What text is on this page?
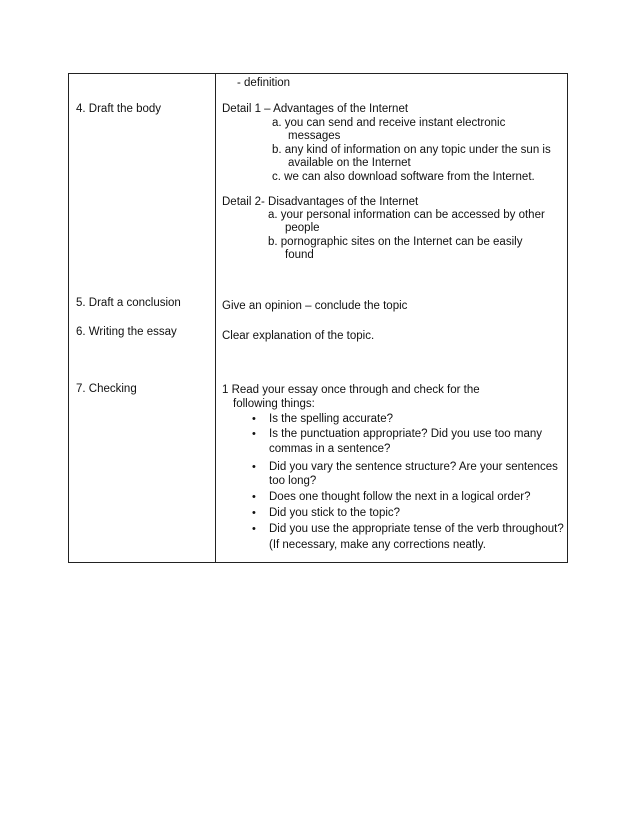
4. Draft the body
5. Draft a conclusion
6. Writing the essay
7. Checking
- definition
Detail 1 – Advantages of the Internet
a. you can send and receive instant electronic
messages
b. any kind of information on any topic under the sun is
available on the Internet
c. we can also download software from the Internet.
Detail 2- Disadvantages of the Internet
a. your personal information can be accessed by other
people
b. pornographic sites on the Internet can be easily
found
Give an opinion – conclude the topic
Clear explanation of the topic.
1 Read your essay once through and check for the
following things:
• Is the spelling accurate?
• Is the punctuation appropriate? Did you use too many
commas in a sentence?
• Did you vary the sentence structure? Are your sentences
too long?
• Does one thought follow the next in a logical order?
• Did you stick to the topic?
• Did you use the appropriate tense of the verb throughout?
(If necessary, make any corrections neatly.
